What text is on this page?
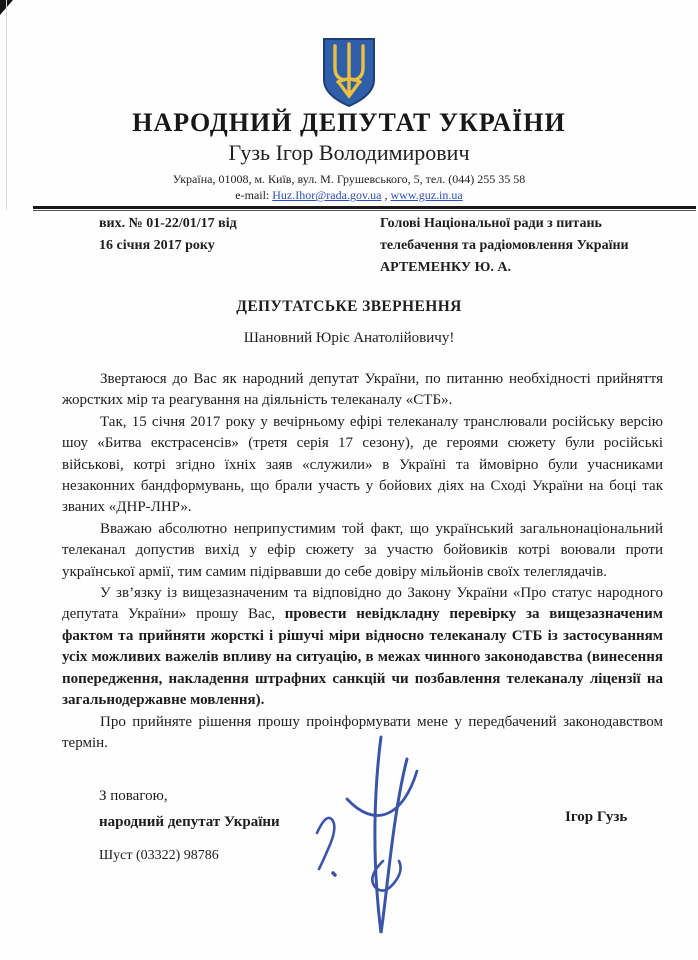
НАРОДНИЙ ДЕПУТАТ УКРАЇНИ
Гузь Ігор Володимирович
Україна, 01008, м. Київ, вул. М. Грушевського, 5, тел. (044) 255 35 58
e-mail: Huz.Ihor@rada.gov.ua , www.guz.in.ua
вих. № 01-22/01/17 від
16 січня 2017 року
Голові Національної ради з питань
телебачення та радіомовлення України
АРТЕМЕНКУ Ю. А.
ДЕПУТАТСЬКЕ ЗВЕРНЕННЯ
Шановний Юріє Анатолійовичу!

Звертаюся до Вас як народний депутат України, по питанню необхідності прийняття жорстких мір та реагування на діяльність телеканалу «СТБ».

Так, 15 січня 2017 року у вечірньому ефірі телеканалу транслювали російську версію шоу «Битва екстрасенсів» (третя серія 17 сезону), де героями сюжету були російські військові, котрі згідно їхніх заяв «служили» в Україні та ймовірно були учасниками незаконних бандформувань, що брали участь у бойових діях на Сході України на боці так званих «ДНР-ЛНР».

Вважаю абсолютно неприпустимим той факт, що український загальнонаціональний телеканал допустив вихід у ефір сюжету за участю бойовиків котрі воювали проти української армії, тим самим підірвавши до себе довіру мільйонів своїх телеглядачів.

У зв’язку із вищезазначеним та відповідно до Закону України «Про статус народного депутата України» прошу Вас, провести невідкладну перевірку за вищезазначеним фактом та прийняти жорсткі і рішучі міри відносно телеканалу СТБ із застосуванням усіх можливих важелів впливу на ситуацію, в межах чинного законодавства (винесення попередження, накладення штрафних санкцій чи позбавлення телеканалу ліцензії на загальнодержавне мовлення).

Про прийняте рішення прошу проінформувати мене у передбачений законодавством термін.

З повагою,
народний депутат України	Ігор Гузь
Шуст (03322) 98786
